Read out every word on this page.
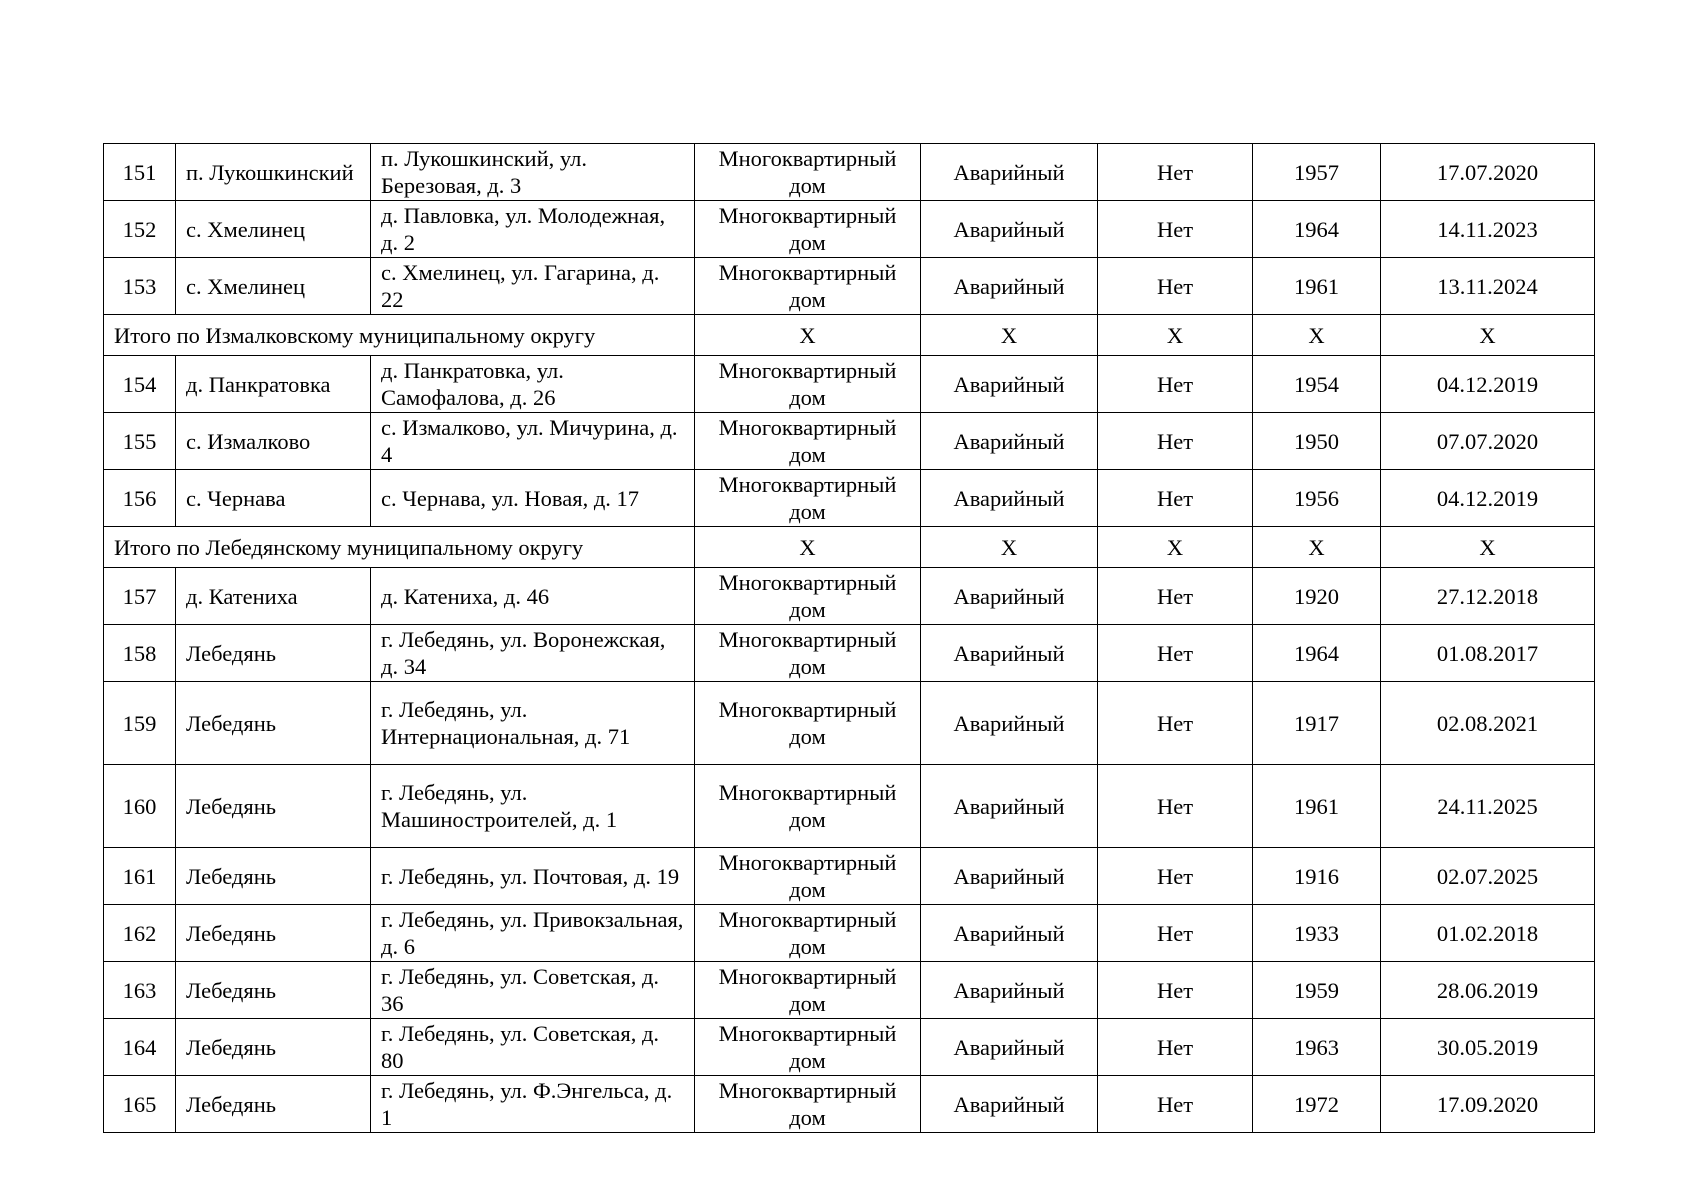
151	п. Лукошкинский	п. Лукошкинский, ул. Березовая, д. 3	Многоквартирный дом	Аварийный	Нет	1957	17.07.2020
152	с. Хмелинец	д. Павловка, ул. Молодежная, д. 2	Многоквартирный дом	Аварийный	Нет	1964	14.11.2023
153	с. Хмелинец	с. Хмелинец, ул. Гагарина, д. 22	Многоквартирный дом	Аварийный	Нет	1961	13.11.2024
Итого по Измалковскому муниципальному округу			Х	Х	Х	Х	Х
154	д. Панкратовка	д. Панкратовка, ул. Самофалова, д. 26	Многоквартирный дом	Аварийный	Нет	1954	04.12.2019
155	с. Измалково	с. Измалково, ул. Мичурина, д. 4	Многоквартирный дом	Аварийный	Нет	1950	07.07.2020
156	с. Чернава	с. Чернава, ул. Новая, д. 17	Многоквартирный дом	Аварийный	Нет	1956	04.12.2019
Итого по Лебедянскому муниципальному округу			Х	Х	Х	Х	Х
157	д. Катениха	д. Катениха, д. 46	Многоквартирный дом	Аварийный	Нет	1920	27.12.2018
158	Лебедянь	г. Лебедянь, ул. Воронежская, д. 34	Многоквартирный дом	Аварийный	Нет	1964	01.08.2017
159	Лебедянь	г. Лебедянь, ул. Интернациональная, д. 71	Многоквартирный дом	Аварийный	Нет	1917	02.08.2021
160	Лебедянь	г. Лебедянь, ул. Машиностроителей, д. 1	Многоквартирный дом	Аварийный	Нет	1961	24.11.2025
161	Лебедянь	г. Лебедянь, ул. Почтовая, д. 19	Многоквартирный дом	Аварийный	Нет	1916	02.07.2025
162	Лебедянь	г. Лебедянь, ул. Привокзальная, д. 6	Многоквартирный дом	Аварийный	Нет	1933	01.02.2018
163	Лебедянь	г. Лебедянь, ул. Советская, д. 36	Многоквартирный дом	Аварийный	Нет	1959	28.06.2019
164	Лебедянь	г. Лебедянь, ул. Советская, д. 80	Многоквартирный дом	Аварийный	Нет	1963	30.05.2019
165	Лебедянь	г. Лебедянь, ул. Ф.Энгельса, д. 1	Многоквартирный дом	Аварийный	Нет	1972	17.09.2020
